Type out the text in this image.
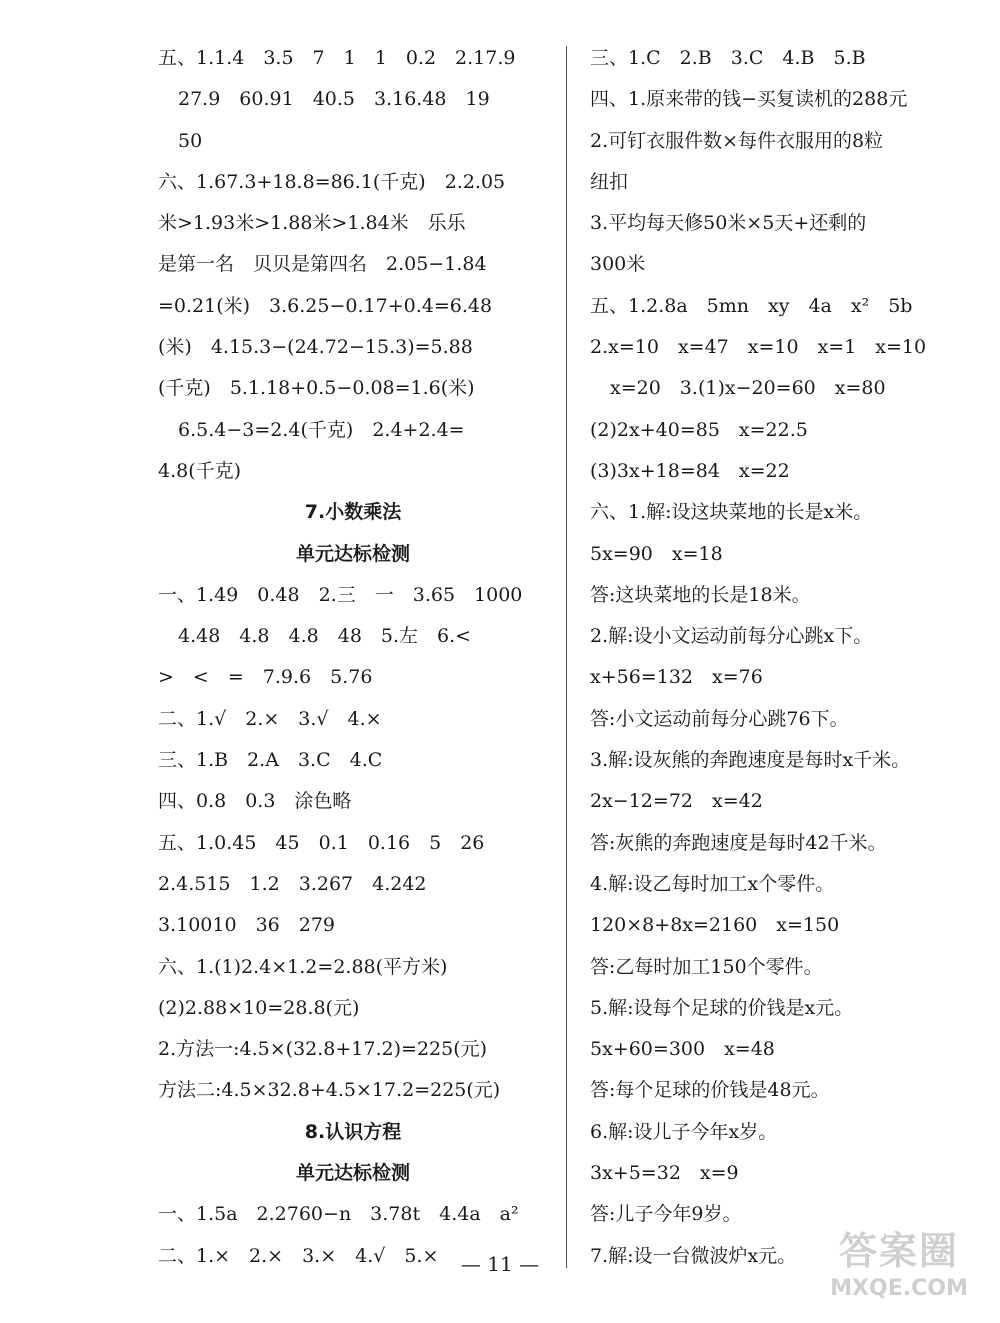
五、1.1.4　3.5　7　1　1　0.2　2.17.9
27.9　60.91　40.5　3.16.48　19
50
六、1.67.3+18.8=86.1(千克)　2.2.05
米>1.93米>1.88米>1.84米　乐乐
是第一名　贝贝是第四名　2.05−1.84
=0.21(米)　3.6.25−0.17+0.4=6.48
(米)　4.15.3−(24.72−15.3)=5.88
(千克)　5.1.18+0.5−0.08=1.6(米)
6.5.4−3=2.4(千克)　2.4+2.4=
4.8(千克)
7.小数乘法
单元达标检测
一、1.49　0.48　2.三　一　3.65　1000
4.48　4.8　4.8　48　5.左　6.<
>　<　=　7.9.6　5.76
二、1.√　2.×　3.√　4.×
三、1.B　2.A　3.C　4.C
四、0.8　0.3　涂色略
五、1.0.45　45　0.1　0.16　5　26
2.4.515　1.2　3.267　4.242
3.10010　36　279
六、1.(1)2.4×1.2=2.88(平方米)
(2)2.88×10=28.8(元)
2.方法一:4.5×(32.8+17.2)=225(元)
方法二:4.5×32.8+4.5×17.2=225(元)
8.认识方程
单元达标检测
一、1.5a　2.2760−n　3.78t　4.4a　a²
二、1.×　2.×　3.×　4.√　5.×
三、1.C　2.B　3.C　4.B　5.B
四、1.原来带的钱−买复读机的288元
2.可钉衣服件数×每件衣服用的8粒
纽扣
3.平均每天修50米×5天+还剩的
300米
五、1.2.8a　5mn　xy　4a　x²　5b
2.x=10　x=47　x=10　x=1　x=10
x=20　3.(1)x−20=60　x=80
(2)2x+40=85　x=22.5
(3)3x+18=84　x=22
六、1.解:设这块菜地的长是x米。
5x=90　x=18
答:这块菜地的长是18米。
2.解:设小文运动前每分心跳x下。
x+56=132　x=76
答:小文运动前每分心跳76下。
3.解:设灰熊的奔跑速度是每时x千米。
2x−12=72　x=42
答:灰熊的奔跑速度是每时42千米。
4.解:设乙每时加工x个零件。
120×8+8x=2160　x=150
答:乙每时加工150个零件。
5.解:设每个足球的价钱是x元。
5x+60=300　x=48
答:每个足球的价钱是48元。
6.解:设儿子今年x岁。
3x+5=32　x=9
答:儿子今年9岁。
7.解:设一台微波炉x元。
— 11 —	答案圈
MXQE.COM
